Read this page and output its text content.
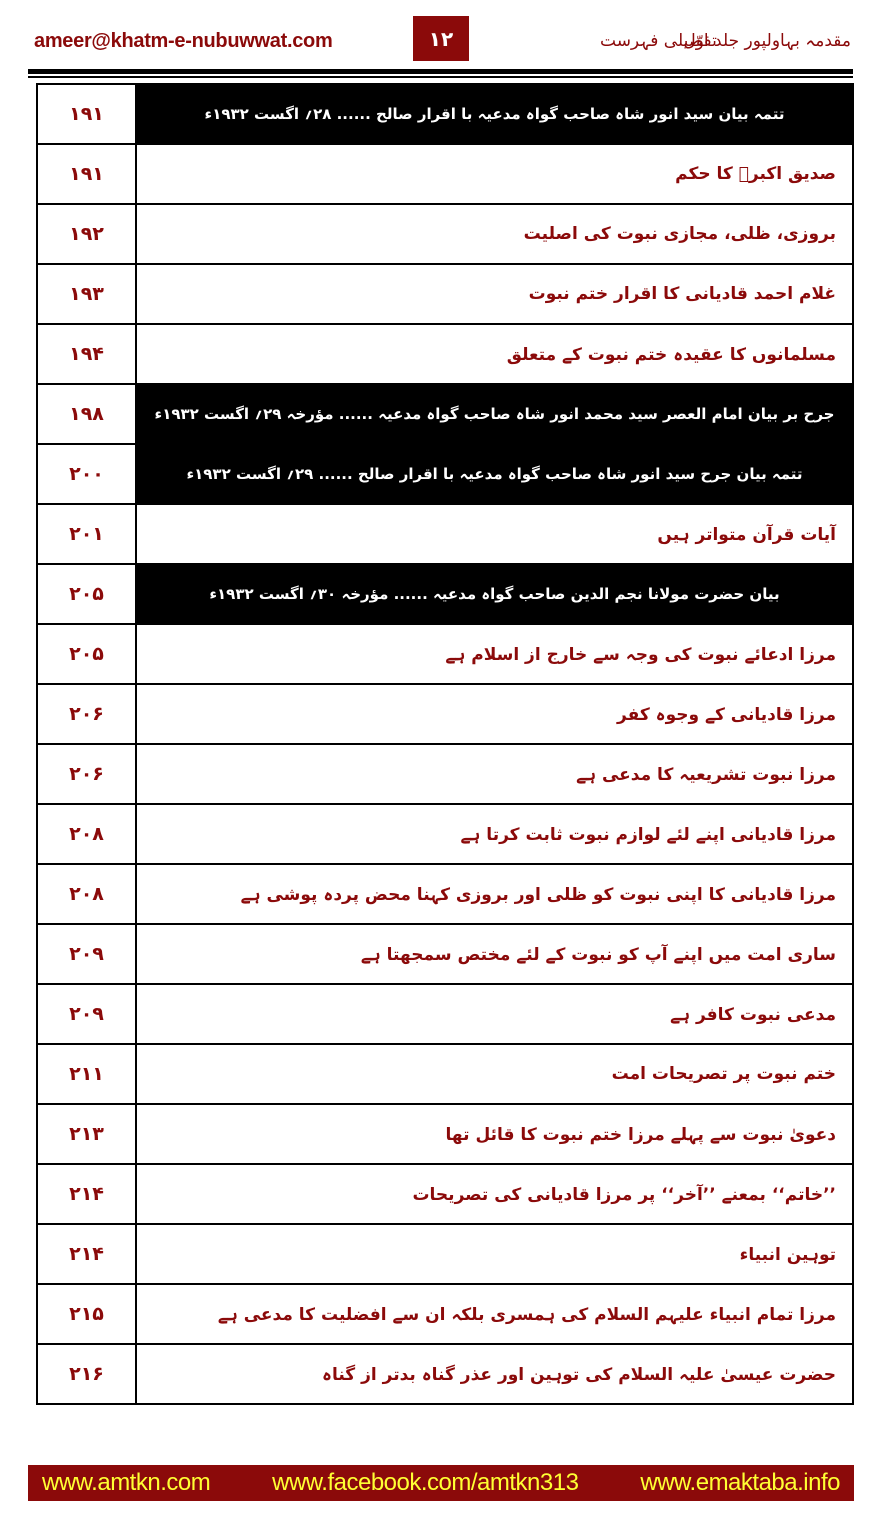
ameer@khatm-e-nubuwwat.com	۱۲	تفصیلی فہرست
مقدمہ بہاولپور جلد اوّل
۱۹۱	تتمہ بیان سید انور شاہ صاحب گواہ مدعیہ با اقرار صالح ...... ۲۸؍ اگست ۱۹۳۲ء
۱۹۱	صدیق اکبرؓ کا حکم
۱۹۲	بروزی، ظلی، مجازی نبوت کی اصلیت
۱۹۳	غلام احمد قادیانی کا اقرار ختم نبوت
۱۹۴	مسلمانوں کا عقیدہ ختم نبوت کے متعلق
۱۹۸	جرح بر بیان امام العصر سید محمد انور شاہ صاحب گواہ مدعیہ ...... مؤرخہ ۲۹؍ اگست ۱۹۳۲ء
۲۰۰	تتمہ بیان جرح سید انور شاہ صاحب گواہ مدعیہ با اقرار صالح ...... ۲۹؍ اگست ۱۹۳۲ء
۲۰۱	آیات قرآن متواتر ہیں
۲۰۵	بیان حضرت مولانا نجم الدین صاحب گواہ مدعیہ ...... مؤرخہ ۳۰؍ اگست ۱۹۳۲ء
۲۰۵	مرزا ادعائے نبوت کی وجہ سے خارج از اسلام ہے
۲۰۶	مرزا قادیانی کے وجوہ کفر
۲۰۶	مرزا نبوت تشریعیہ کا مدعی ہے
۲۰۸	مرزا قادیانی اپنے لئے لوازم نبوت ثابت کرتا ہے
۲۰۸	مرزا قادیانی کا اپنی نبوت کو ظلی اور بروزی کہنا محض پردہ پوشی ہے
۲۰۹	ساری امت میں اپنے آپ کو نبوت کے لئے مختص سمجھتا ہے
۲۰۹	مدعی نبوت کافر ہے
۲۱۱	ختم نبوت پر تصریحات امت
۲۱۳	دعویٰ نبوت سے پہلے مرزا ختم نبوت کا قائل تھا
۲۱۴	’’خاتم‘‘ بمعنے ’’آخر‘‘ پر مرزا قادیانی کی تصریحات
۲۱۴	توہین انبیاء
۲۱۵	مرزا تمام انبیاء علیہم السلام کی ہمسری بلکہ ان سے افضلیت کا مدعی ہے
۲۱۶	حضرت عیسیٰ علیہ السلام کی توہین اور عذر گناہ بدتر از گناہ
www.amtkn.com	www.facebook.com/amtkn313	www.emaktaba.info
